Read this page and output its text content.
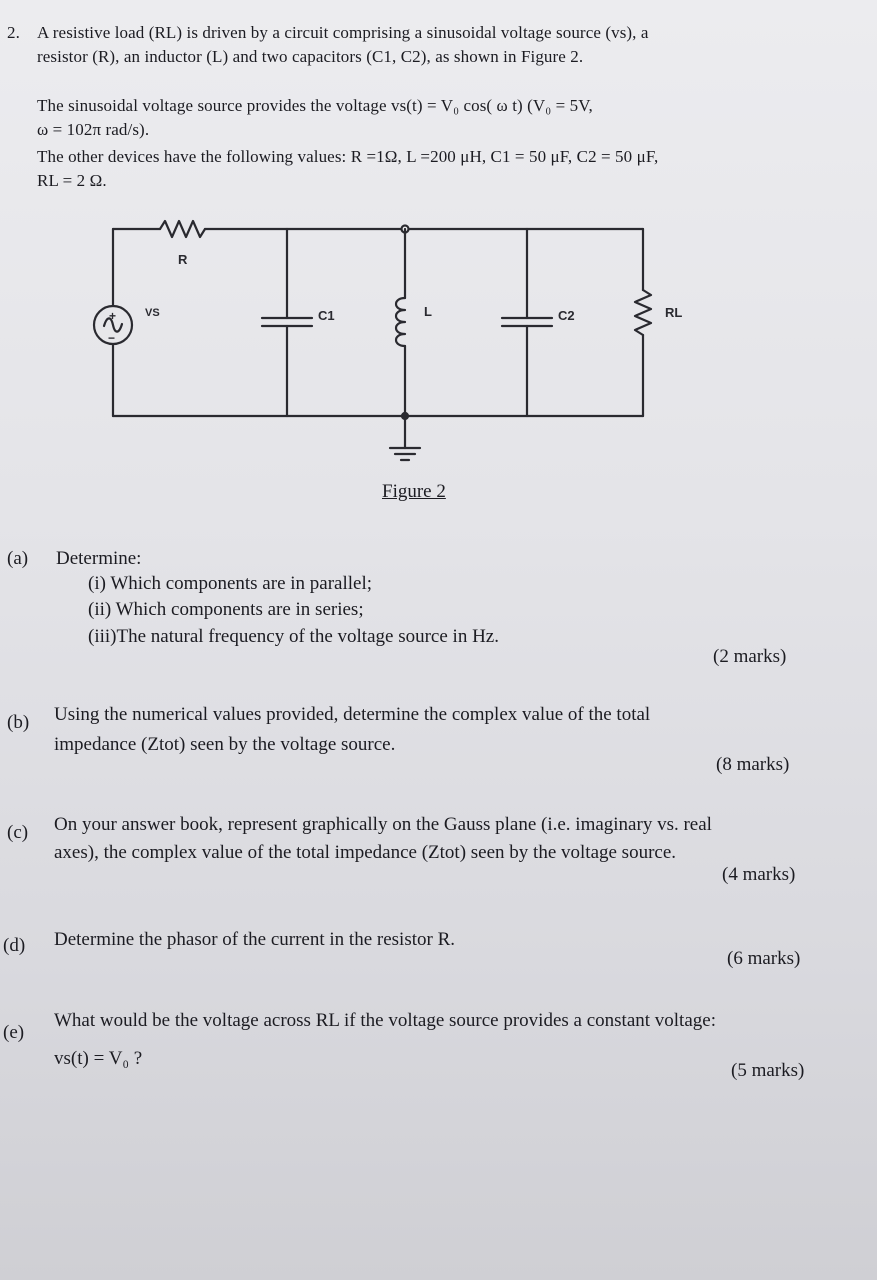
2. A resistive load (RL) is driven by a circuit comprising a sinusoidal voltage source (vs), a
resistor (R), an inductor (L) and two capacitors (C1, C2), as shown in Figure 2.
The sinusoidal voltage source provides the voltage vs(t) = V₀ cos( ω t) (V₀ = 5V,
ω = 102π rad/s).
The other devices have the following values: R =1Ω, L =200 μH, C1 = 50 μF, C2 = 50 μF,
RL = 2 Ω.
R
VS	C1	L	C2	RL
+
−
Figure 2
(a) Determine:
(i) Which components are in parallel;
(ii) Which components are in series;
(iii)The natural frequency of the voltage source in Hz.
(2 marks)
(b) Using the numerical values provided, determine the complex value of the total
impedance (Ztot) seen by the voltage source.
(8 marks)
(c) On your answer book, represent graphically on the Gauss plane (i.e. imaginary vs. real
axes), the complex value of the total impedance (Ztot) seen by the voltage source.
(4 marks)
(d) Determine the phasor of the current in the resistor R.
(6 marks)
(e)
What would be the voltage across RL if the voltage source provides a constant voltage:
vs(t) = V₀ ?
(5 marks)
